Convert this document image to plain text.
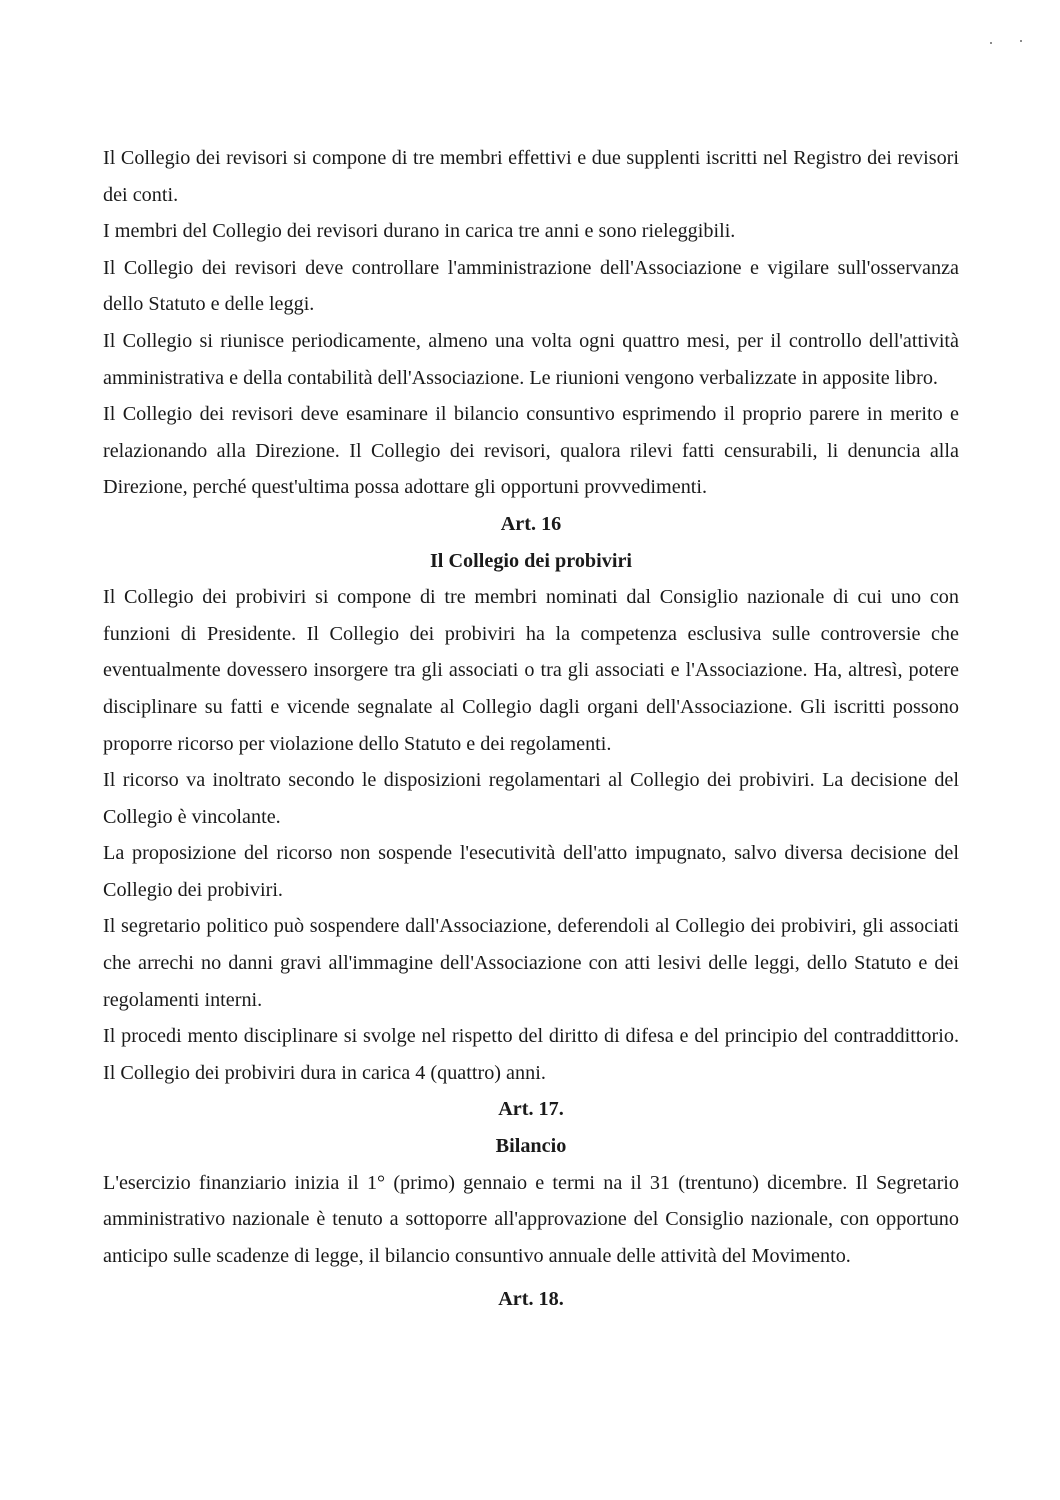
Il Collegio dei revisori si compone di tre membri effettivi e due supplenti iscritti nel Registro dei revisori dei conti.

I membri del Collegio dei revisori durano in carica tre anni e sono rieleggibili.

Il Collegio dei revisori deve controllare l'amministrazione dell'Associazione e vigilare sull'osservanza dello Statuto e delle leggi.

Il Collegio si riunisce periodicamente, almeno una volta ogni quattro mesi, per il controllo dell'attività amministrativa e della contabilità dell'Associazione. Le riunioni vengono verbalizzate in apposite libro.

Il Collegio dei revisori deve esaminare il bilancio consuntivo esprimendo il proprio parere in merito e relazionando alla Direzione. Il Collegio dei revisori, qualora rilevi fatti censurabili, li denuncia alla Direzione, perché quest'ultima possa adottare gli opportuni provvedimenti.

Art. 16
Il Collegio dei probiviri

Il Collegio dei probiviri si compone di tre membri nominati dal Consiglio nazionale di cui uno con funzioni di Presidente. Il Collegio dei probiviri ha la competenza esclusiva sulle controversie che eventualmente dovessero insorgere tra gli associati o tra gli associati e l'Associazione. Ha, altresì, potere disciplinare su fatti e vicende segnalate al Collegio dagli organi dell'Associazione. Gli iscritti possono proporre ricorso per violazione dello Statuto e dei regolamenti.

Il ricorso va inoltrato secondo le disposizioni regolamentari al Collegio dei probiviri. La decisione del Collegio è vincolante.

La proposizione del ricorso non sospende l'esecutività dell'atto impugnato, salvo diversa decisione del Collegio dei probiviri.

Il segretario politico può sospendere dall'Associazione, deferendoli al Collegio dei probiviri, gli associati che arrechi no danni gravi all'immagine dell'Associazione con atti lesivi delle leggi, dello Statuto e dei regolamenti interni.

Il procedi mento disciplinare si svolge nel rispetto del diritto di difesa e del principio del contraddittorio. Il Collegio dei probiviri dura in carica 4 (quattro) anni.

Art. 17.
Bilancio

L'esercizio finanziario inizia il 1° (primo) gennaio e termi na il 31 (trentuno) dicembre. Il Segretario amministrativo nazionale è tenuto a sottoporre all'approvazione del Consiglio nazionale, con opportuno anticipo sulle scadenze di legge, il bilancio consuntivo annuale delle attività del Movimento.

Art. 18.
